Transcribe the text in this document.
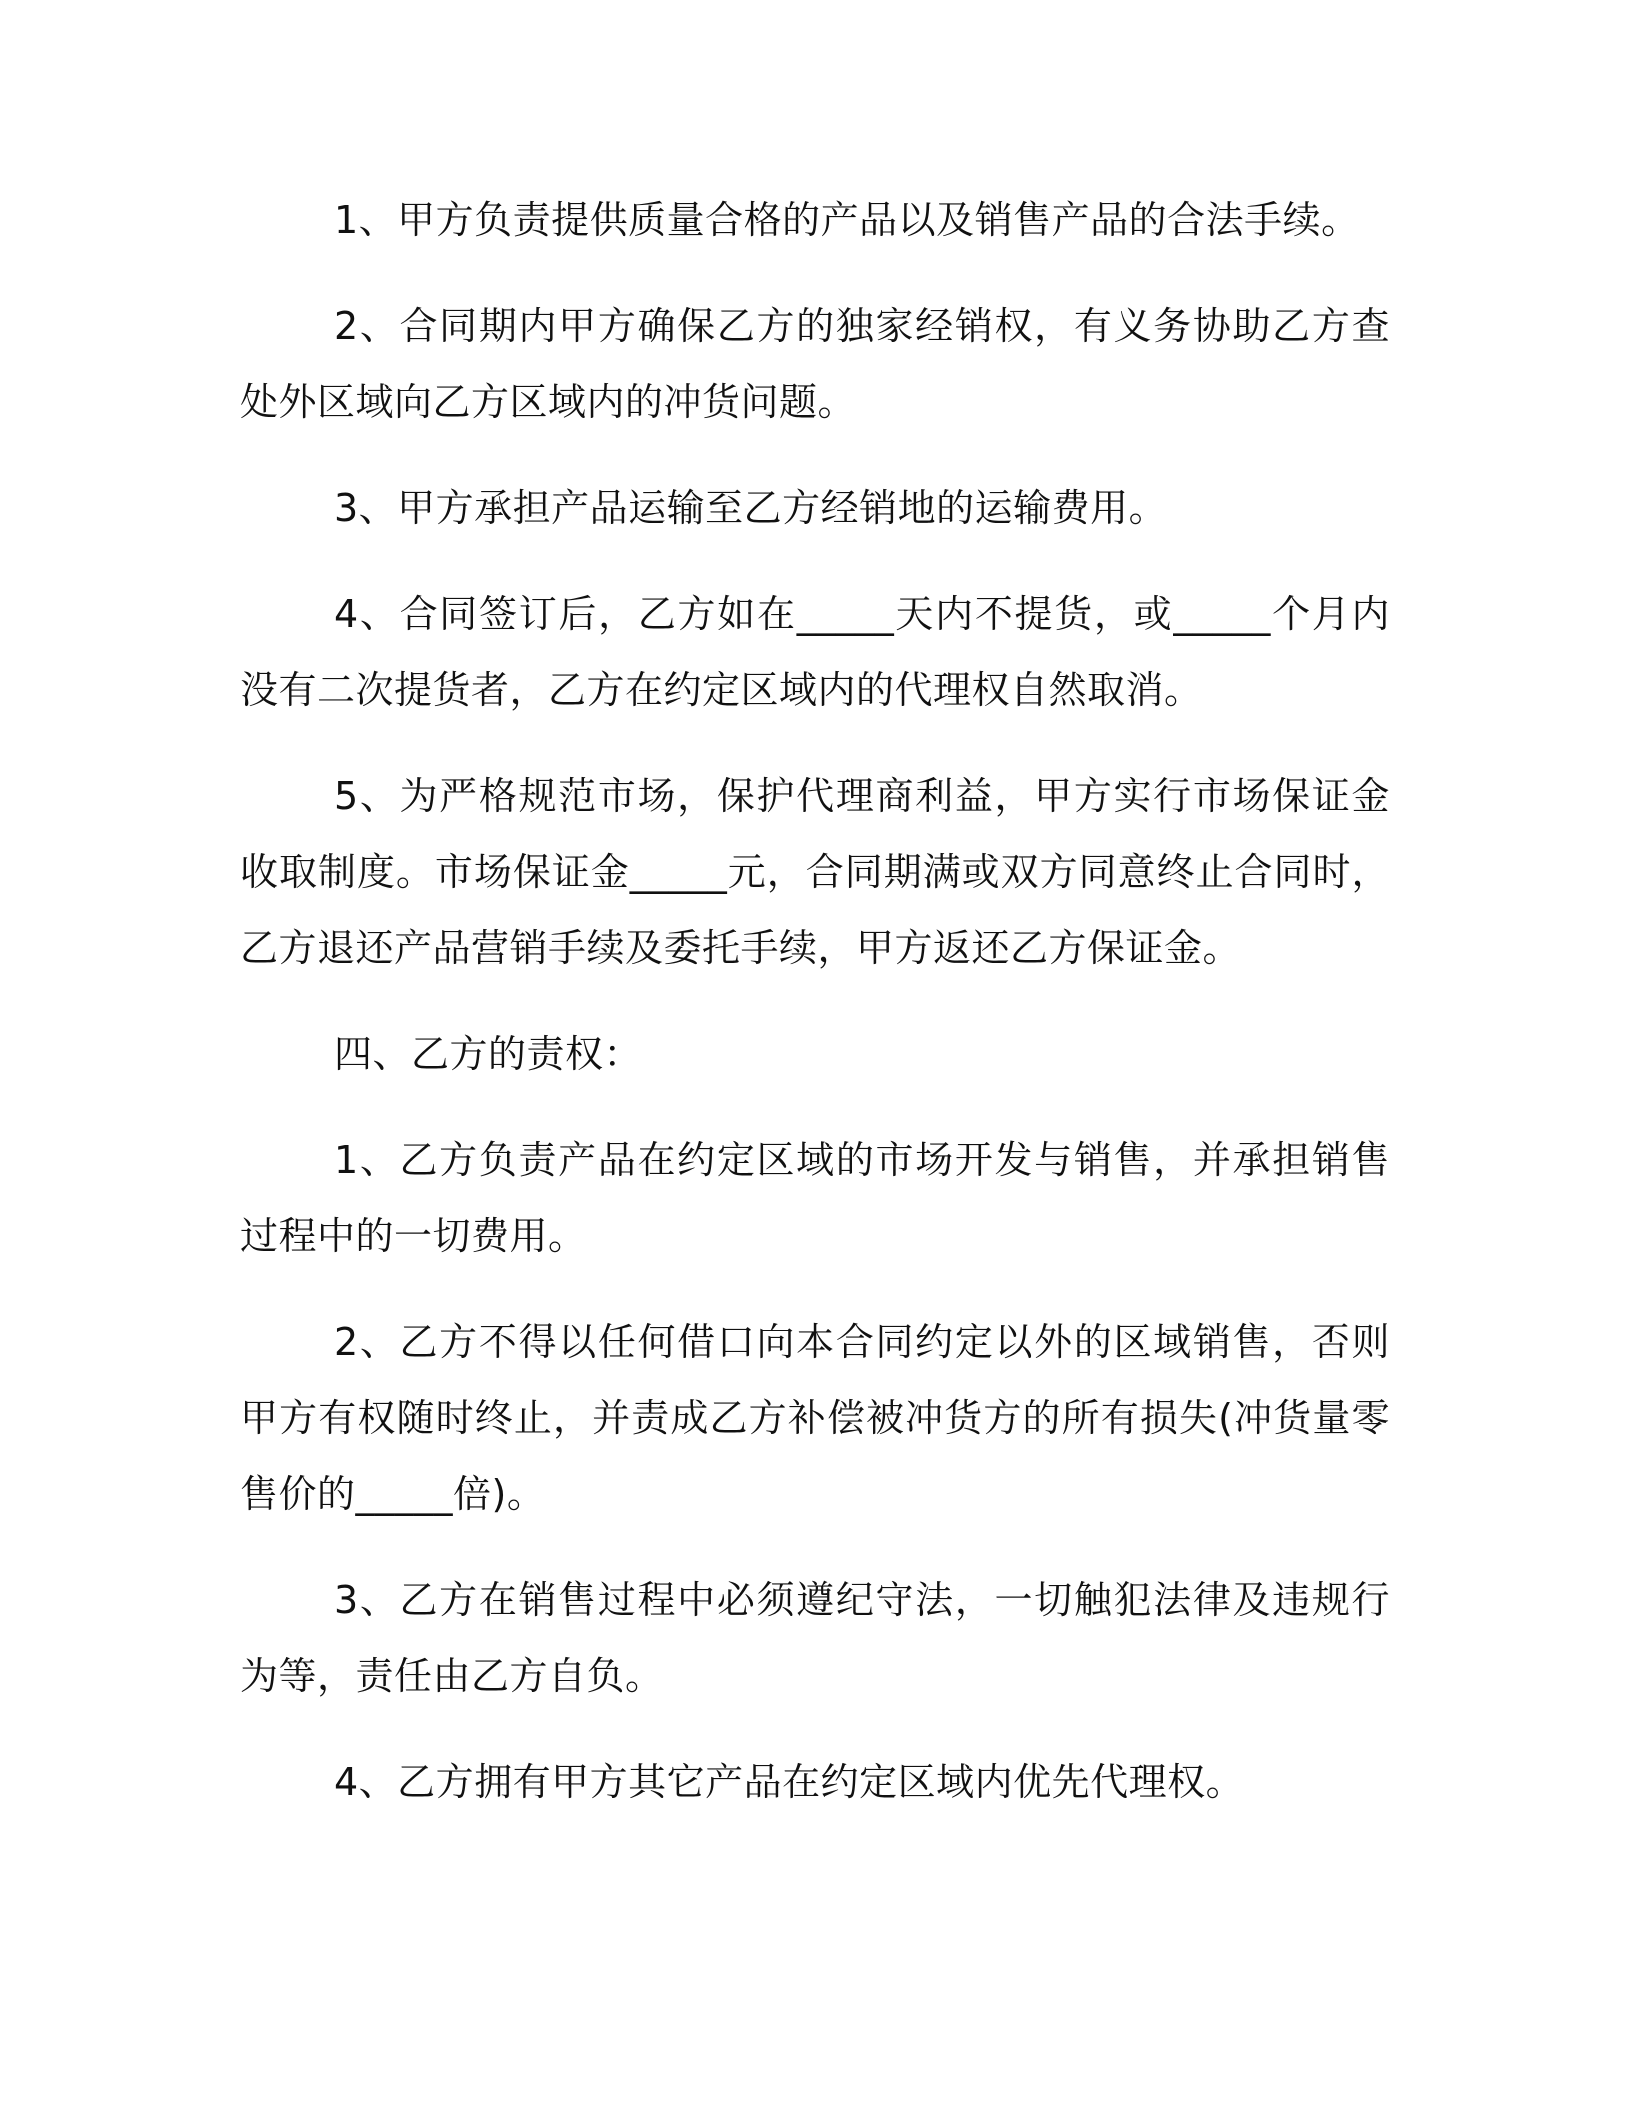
1、甲方负责提供质量合格的产品以及销售产品的合法手续。

2、合同期内甲方确保乙方的独家经销权，有义务协助乙方查处外区域向乙方区域内的冲货问题。

3、甲方承担产品运输至乙方经销地的运输费用。

4、合同签订后，乙方如在_____天内不提货，或_____个月内没有二次提货者，乙方在约定区域内的代理权自然取消。

5、为严格规范市场，保护代理商利益，甲方实行市场保证金收取制度。市场保证金_____元，合同期满或双方同意终止合同时，乙方退还产品营销手续及委托手续，甲方返还乙方保证金。

四、乙方的责权：

1、乙方负责产品在约定区域的市场开发与销售，并承担销售过程中的一切费用。

2、乙方不得以任何借口向本合同约定以外的区域销售，否则甲方有权随时终止，并责成乙方补偿被冲货方的所有损失(冲货量零售价的_____倍)。

3、乙方在销售过程中必须遵纪守法，一切触犯法律及违规行为等，责任由乙方自负。

4、乙方拥有甲方其它产品在约定区域内优先代理权。
